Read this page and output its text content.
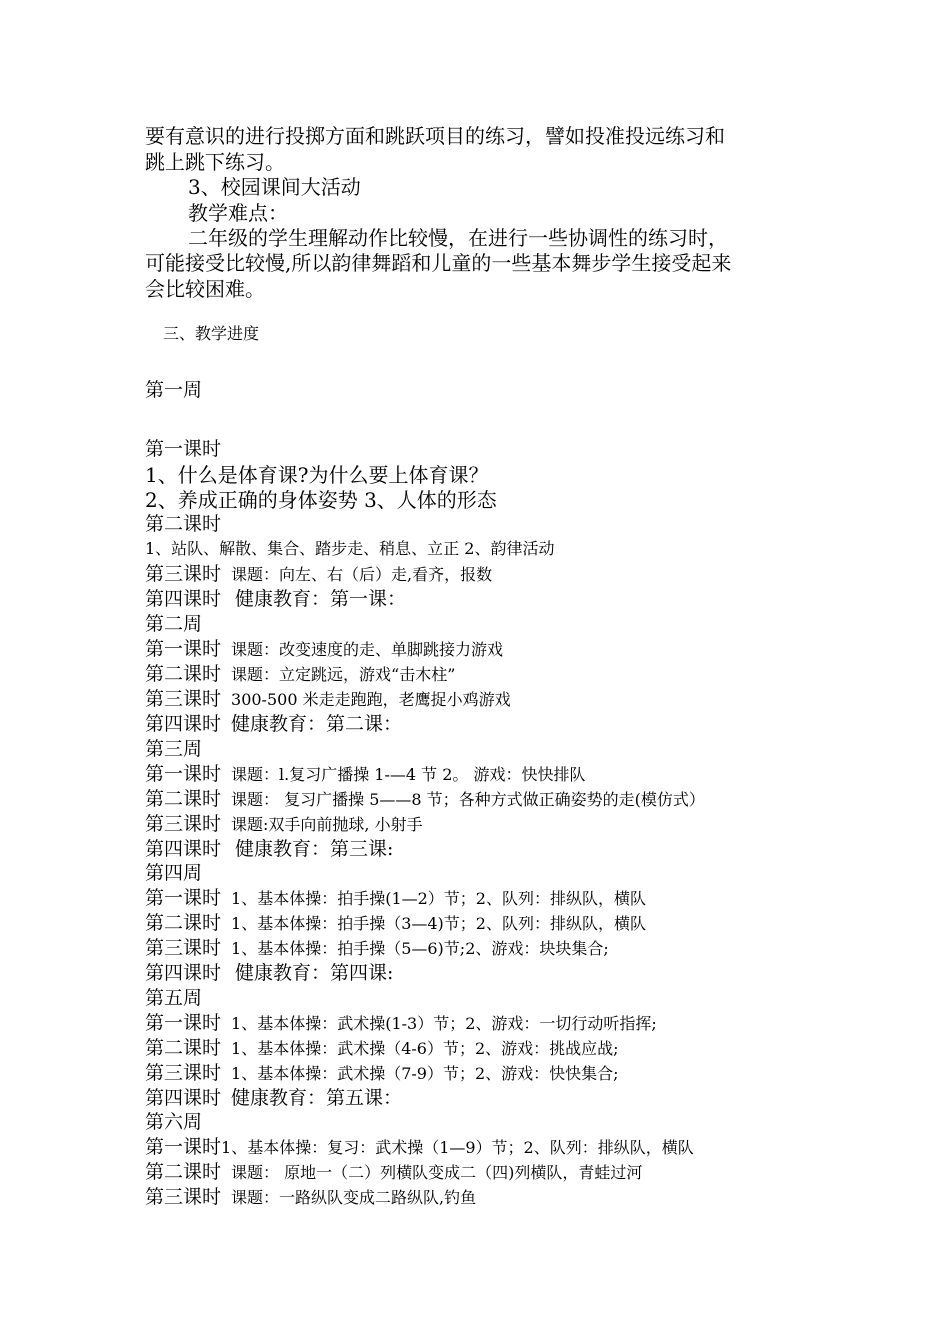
要有意识的进行投掷方面和跳跃项目的练习，譬如投准投远练习和
跳上跳下练习。
3、校园课间大活动
教学难点：
二年级的学生理解动作比较慢，在进行一些协调性的练习时，
可能接受比较慢,所以韵律舞蹈和儿童的一些基本舞步学生接受起来
会比较困难。
三、教学进度
第一周
第一课时
1、什么是体育课?为什么要上体育课？
2、养成正确的身体姿势 3、人体的形态
第二课时
1、站队、解散、集合、踏步走、稍息、立正 2、韵律活动
第三课时 课题：向左、右（后）走,看齐，报数
第四课时 健康教育：第一课：
第二周
第一课时 课题：改变速度的走、单脚跳接力游戏
第二课时 课题：立定跳远，游戏“击木柱”
第三课时 300-500 米走走跑跑，老鹰捉小鸡游戏
第四课时 健康教育：第二课：
第三周
第一课时 课题：l.复习广播操 1-—4 节 2。 游戏：快快排队
第二课时 课题： 复习广播操 5——8 节；各种方式做正确姿势的走(模仿式）
第三课时 课题:双手向前抛球, 小射手
第四课时 健康教育：第三课:
第四周
第一课时 1、基本体操：拍手操(1—2）节；2、队列：排纵队，横队
第二课时 1、基本体操：拍手操（3—4)节；2、队列：排纵队，横队
第三课时 1、基本体操：拍手操（5—6)节;2、游戏：块块集合;
第四课时 健康教育：第四课:
第五周
第一课时 1、基本体操：武术操(1-3）节；2、游戏：一切行动听指挥;
第二课时 1、基本体操：武术操（4-6）节；2、游戏：挑战应战;
第三课时 1、基本体操：武术操（7-9）节；2、游戏：快快集合;
第四课时 健康教育：第五课：
第六周
第一课时1、基本体操：复习：武术操（1—9）节；2、队列：排纵队，横队
第二课时 课题： 原地一（二）列横队变成二（四)列横队，青蛙过河
第三课时 课题：一路纵队变成二路纵队,钓鱼
